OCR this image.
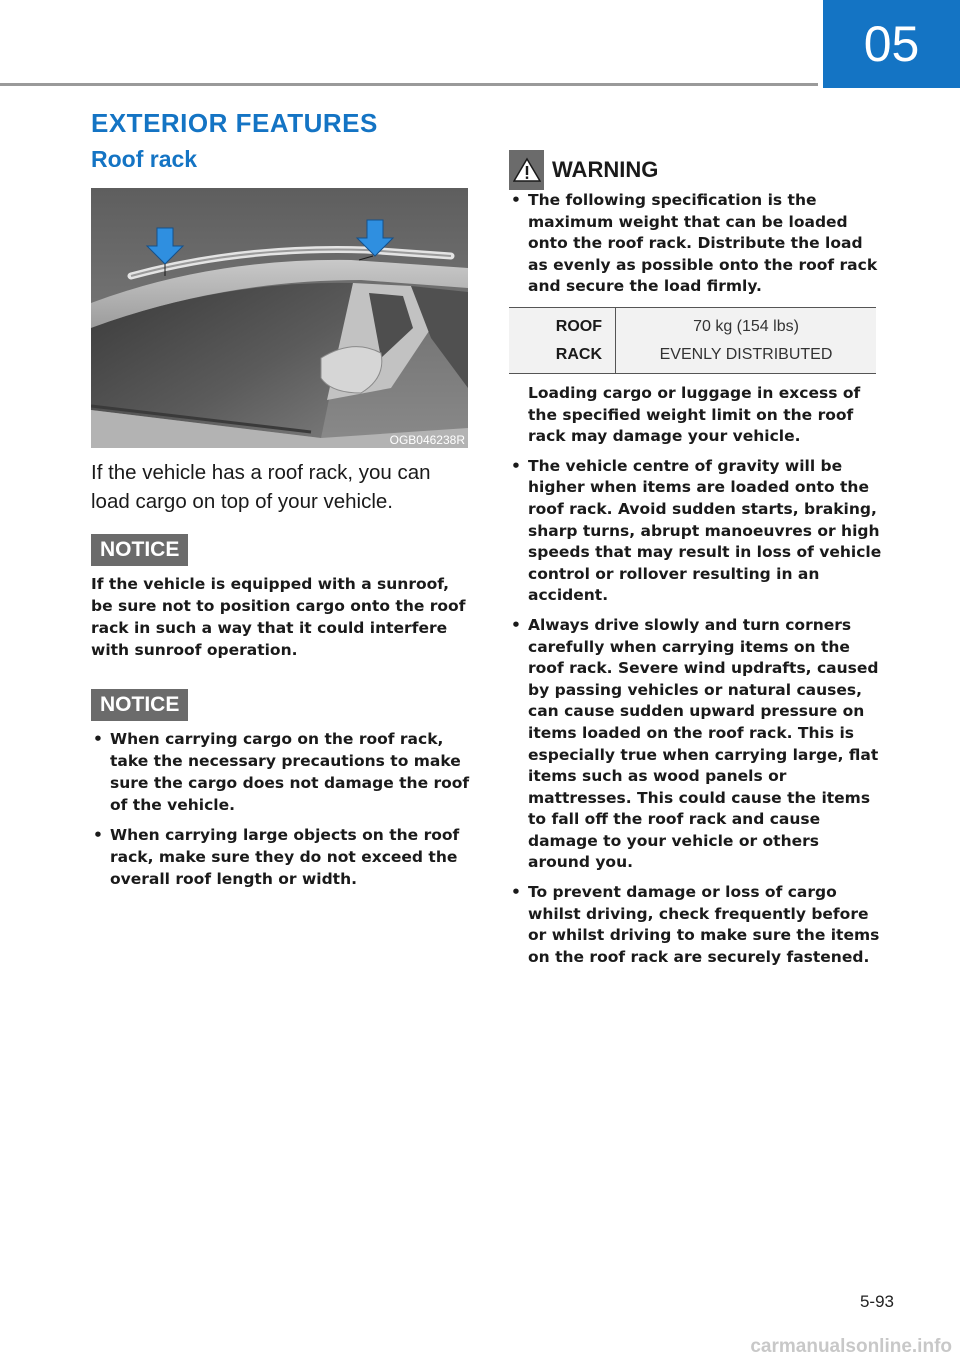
05
EXTERIOR FEATURES
Roof rack
OGB046238R
If the vehicle has a roof rack, you can load cargo on top of your vehicle.
NOTICE
If the vehicle is equipped with a sunroof, be sure not to position cargo onto the roof rack in such a way that it could interfere with sunroof operation.
NOTICE
• When carrying cargo on the roof rack, take the necessary precautions to make sure the cargo does not damage the roof of the vehicle.
• When carrying large objects on the roof rack, make sure they do not exceed the overall roof length or width.
WARNING
• The following specification is the maximum weight that can be loaded onto the roof rack. Distribute the load as evenly as possible onto the roof rack and secure the load firmly.
ROOF
RACK
70 kg (154 lbs)
EVENLY DISTRIBUTED
Loading cargo or luggage in excess of the specified weight limit on the roof rack may damage your vehicle.
• The vehicle centre of gravity will be higher when items are loaded onto the roof rack. Avoid sudden starts, braking, sharp turns, abrupt manoeuvres or high speeds that may result in loss of vehicle control or rollover resulting in an accident.
• Always drive slowly and turn corners carefully when carrying items on the roof rack. Severe wind updrafts, caused by passing vehicles or natural causes, can cause sudden upward pressure on items loaded on the roof rack. This is especially true when carrying large, flat items such as wood panels or mattresses. This could cause the items to fall off the roof rack and cause damage to your vehicle or others around you.
• To prevent damage or loss of cargo whilst driving, check frequently before or whilst driving to make sure the items on the roof rack are securely fastened.
5-93
carmanualsonline.info
